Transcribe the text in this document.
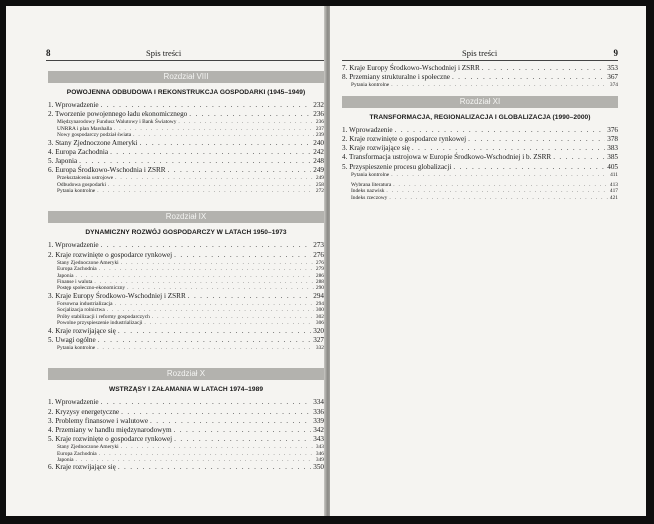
8	Spis treści
Rozdział VIII
POWOJENNA ODBUDOWA I REKONSTRUKCJA GOSPODARKI (1945–1949)
1. Wprowadzenie . . .	232
2. Tworzenie powojennego ładu ekonomicznego . . .	236
Międzynarodowy Fundusz Walutowy i Bank Światowy . . .	236
UNRRA i plan Marshalla . . .	237
Nowy gospodarczy podział świata . . .	239
3. Stany Zjednoczone Ameryki . . .	240
4. Europa Zachodnia . . .	242
5. Japonia . . .	248
6. Europa Środkowo-Wschodnia i ZSRR . . .	249
Przekształcenia ustrojowe . . .	249
Odbudowa gospodarki . . .	258
Pytania kontrolne . . .	272
Rozdział IX
DYNAMICZNY ROZWÓJ GOSPODARCZY W LATACH 1950–1973
1. Wprowadzenie . . .	273
2. Kraje rozwinięte o gospodarce rynkowej . . .	276
Stany Zjednoczone Ameryki . . .	276
Europa Zachodnia . . .	279
Japonia . . .	286
Finanse i waluta . . .	288
Postęp społeczno-ekonomiczny . . .	290
3. Kraje Europy Środkowo-Wschodniej i ZSRR . . .	294
Forsowna industrializacja . . .	294
Socjalizacja rolnictwa . . .	300
Próby stabilizacji i reformy gospodarczych . . .	302
Powolne przyspieszenie industrializacji . . .	306
4. Kraje rozwijające się . . .	320
5. Uwagi ogólne . . .	327
Pytania kontrolne . . .	332
Rozdział X
WSTRZĄSY I ZAŁAMANIA W LATACH 1974–1989
1. Wprowadzenie . . .	334
2. Kryzysy energetyczne . . .	336
3. Problemy finansowe i walutowe . . .	339
4. Przemiany w handlu międzynarodowym . . .	342
5. Kraje rozwinięte o gospodarce rynkowej . . .	343
Stany Zjednoczone Ameryki . . .	343
Europa Zachodnia . . .	346
Japonia . . .	349
6. Kraje rozwijające się . . .	350
Spis treści	9
7. Kraje Europy Środkowo-Wschodniej i ZSRR . . .	353
8. Przemiany strukturalne i społeczne . . .	367
Pytania kontrolne . . .	374
Rozdział XI
TRANSFORMACJA, REGIONALIZACJA I GLOBALIZACJA (1990–2000)
1. Wprowadzenie . . .	376
2. Kraje rozwinięte o gospodarce rynkowej . . .	378
3. Kraje rozwijające się . . .	383
4. Transformacja ustrojowa w Europie Środkowo-Wschodniej i b. ZSRR . . .	385
5. Przyspieszenie procesu globalizacji . . .	405
Pytania kontrolne . . .	411
Wybrana literatura . . .	413
Indeks nazwisk . . .	417
Indeks rzeczowy . . .	421
